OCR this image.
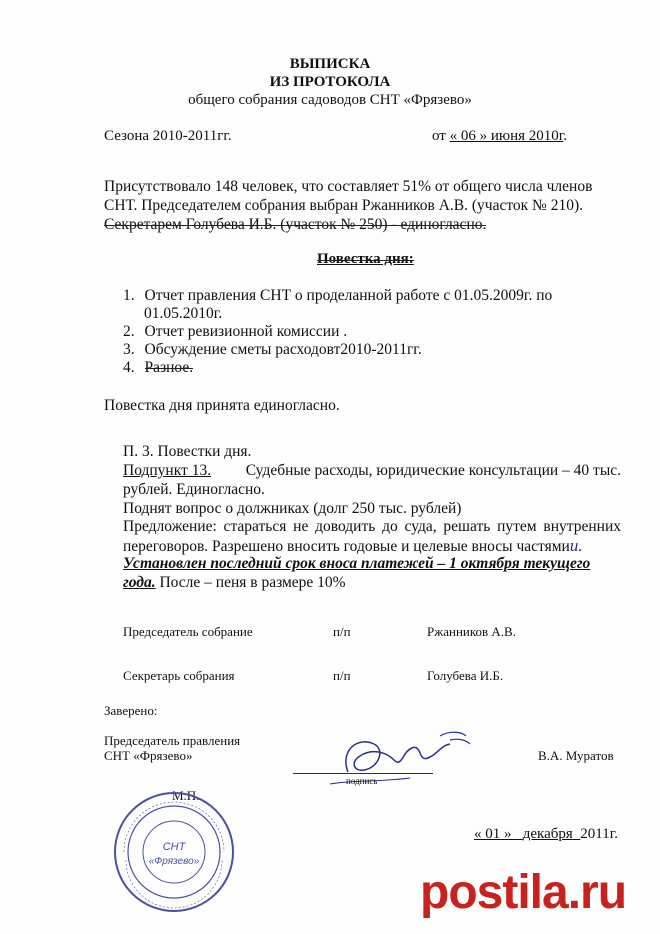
ВЫПИСКА
ИЗ ПРОТОКОЛА
общего собрания садоводов СНТ «Фрязево»
Сезона 2010-2011гг.	от « 06 » июня 2010г.
Присутствовало 148 человек, что составляет 51% от общего числа членов
СНТ. Председателем собрания выбран Ржанников А.В. (участок № 210).
Секретарем Голубева И.Б. (участок № 250) - единогласно.
Повестка дня:
1. Отчет правления СНТ о проделанной работе с 01.05.2009г. по
01.05.2010г.
2. Отчет ревизионной комиссии .
3. Обсуждение сметы расходовт2010-2011гг.
4. Разное.
Повестка дня принята единогласно.
П. 3. Повестки дня.
Подпункт 13. Судебные расходы, юридические консультации – 40 тыс.
рублей. Единогласно.
Поднят вопрос о должниках (долг 250 тыс. рублей)
Предложение: стараться не доводить до суда, решать путем внутренних
переговоров. Разрешено вносить годовые и целевые вносы частямии.
Установлен последний срок вноса платежей – 1 октября текущего
года. После – пеня в размере 10%
Председатель собрание	п/п	Ржанников А.В.
Секретарь собрания	п/п	Голубева И.Б.
Заверено:
Председатель правления
СНТ «Фрязево»	В.А. Муратов
подпись
М.П.
СНТ
«Фрязево»
« 01 »   декабря 2011г.
postila.ru
